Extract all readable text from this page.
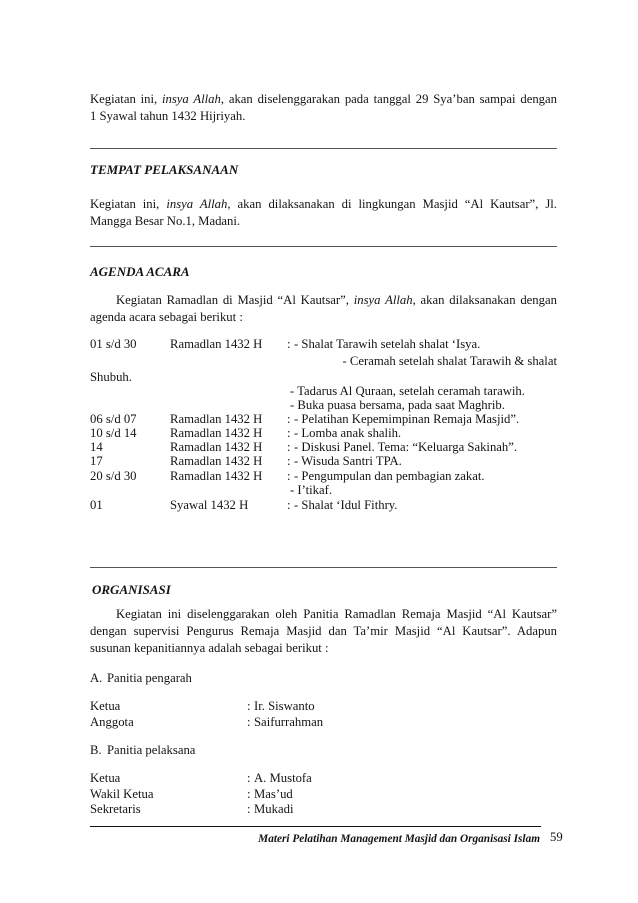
Kegiatan ini, insya Allah, akan diselenggarakan pada tanggal 29 Sya’ban sampai dengan
1 Syawal tahun 1432 Hijriyah.
TEMPAT PELAKSANAAN
Kegiatan ini, insya Allah, akan dilaksanakan di lingkungan Masjid “Al Kautsar”, Jl.
Mangga Besar No.1, Madani.
AGENDA ACARA
Kegiatan Ramadlan di Masjid “Al Kautsar”, insya Allah, akan dilaksanakan dengan
agenda acara sebagai berikut :
01 s/d 30	Ramadlan 1432 H : - Shalat Tarawih setelah shalat ‘Isya.
- Ceramah setelah shalat Tarawih & shalat
Shubuh.
- Tadarus Al Quraan, setelah ceramah tarawih.
- Buka puasa bersama, pada saat Maghrib.
06 s/d 07	Ramadlan 1432 H : - Pelatihan Kepemimpinan Remaja Masjid”.
10 s/d 14	Ramadlan 1432 H : - Lomba anak shalih.
14	Ramadlan 1432 H : - Diskusi Panel. Tema: “Keluarga Sakinah”.
17	Ramadlan 1432 H : - Wisuda Santri TPA.
20 s/d 30	Ramadlan 1432 H : - Pengumpulan dan pembagian zakat.
- I’tikaf.
01	Syawal 1432 H	: - Shalat ‘Idul Fithry.
ORGANISASI
Kegiatan ini diselenggarakan oleh Panitia Ramadlan Remaja Masjid “Al Kautsar”
dengan supervisi Pengurus Remaja Masjid dan Ta’mir Masjid “Al Kautsar”. Adapun
susunan kepanitiannya adalah sebagai berikut :
A. Panitia pengarah
Ketua	: Ir. Siswanto
Anggota	: Saifurrahman
B. Panitia pelaksana
Ketua	: A. Mustofa
Wakil Ketua	: Mas’ud
Sekretaris	: Mukadi
Materi Pelatihan Management Masjid dan Organisasi Islam 59
